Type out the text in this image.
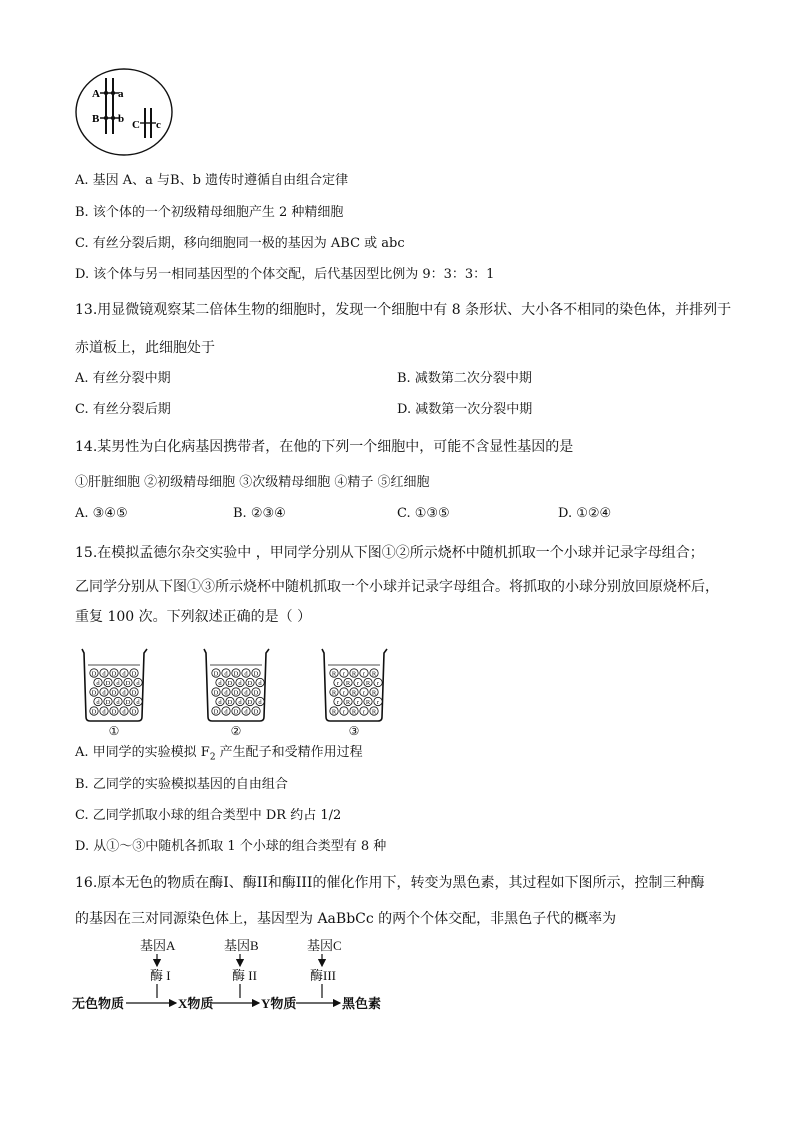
A a
B b C c
A. 基因 A、a 与B、b 遗传时遵循自由组合定律
B. 该个体的一个初级精母细胞产生 2 种精细胞
C. 有丝分裂后期，移向细胞同一极的基因为 ABC 或 abc
D. 该个体与另一相同基因型的个体交配，后代基因型比例为 9：3：3：1
13.用显微镜观察某二倍体生物的细胞时，发现一个细胞中有 8 条形状、大小各不相同的染色体，并排列于
赤道板上，此细胞处于
A. 有丝分裂中期	B. 减数第二次分裂中期
C. 有丝分裂后期	D. 减数第一次分裂中期
14.某男性为白化病基因携带者，在他的下列一个细胞中，可能不含显性基因的是
①肝脏细胞 ②初级精母细胞 ③次级精母细胞 ④精子 ⑤红细胞
A. ③④⑤	B. ②③④	C. ①③⑤	D. ①②④
15.在模拟孟德尔杂交实验中 ，甲同学分别从下图①②所示烧杯中随机抓取一个小球并记录字母组合；
乙同学分别从下图①③所示烧杯中随机抓取一个小球并记录字母组合。将抓取的小球分别放回原烧杯后，
重复 100 次。下列叙述正确的是（ ）
D d D d D
d D d D d
D d D d D
d D d D d
D d D d D
①
D d D d D
d D d D d
D d D d D
d D d D d
D d D d D
②
R r R r R
r R r R r
R r R r R
r R r R r
R r R r R
③
A. 甲同学的实验模拟 $F_2$ 产生配子和受精作用过程
B. 乙同学的实验模拟基因的自由组合
C. 乙同学抓取小球的组合类型中 DR 约占 1/2
D. 从①～③中随机各抓取 1 个小球的组合类型有 8 种
16.原本无色的物质在酶Ⅰ、酶II和酶III的催化作用下，转变为黑色素，其过程如下图所示，控制三种酶
的基因在三对同源染色体上，基因型为 AaBbCc 的两个个体交配，非黑色子代的概率为
基因A	基因B	基因C
酶 I	酶 II	酶III
无色物质	X物质	Y物质	黑色素
